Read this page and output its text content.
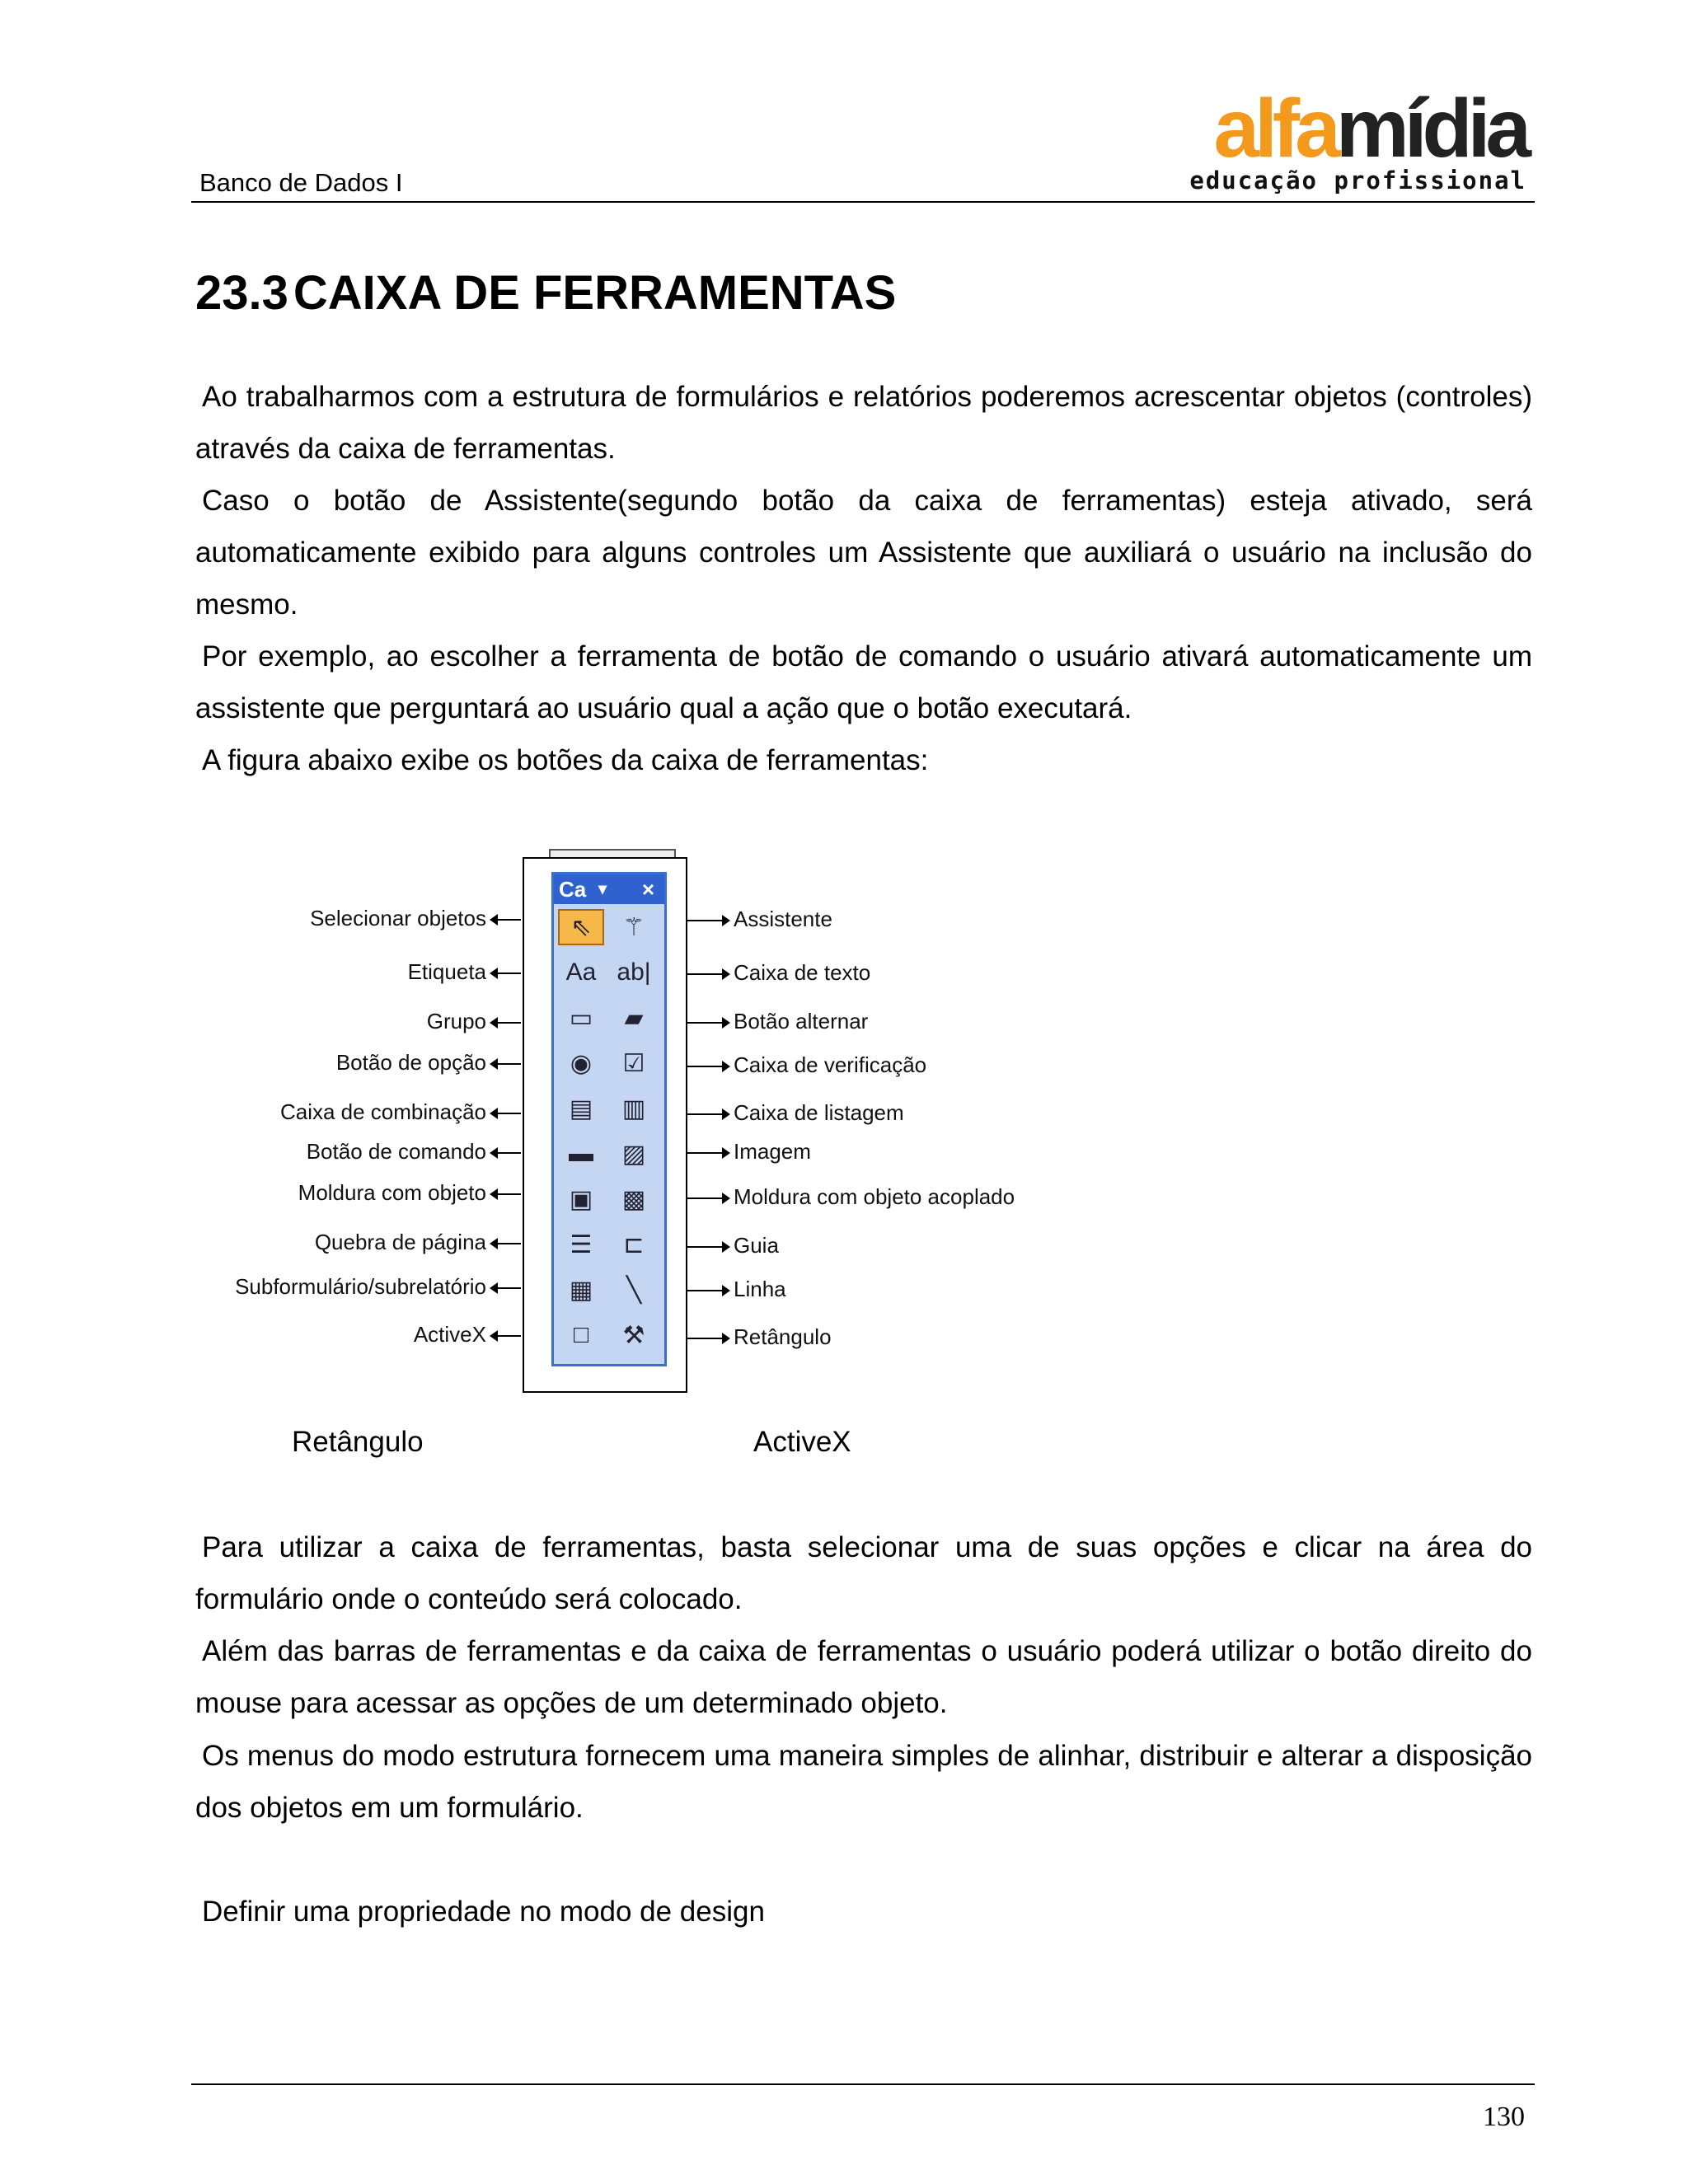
Banco de Dados I
alfamídia
educação profissional
23.3 CAIXA DE FERRAMENTAS

Ao trabalharmos com a estrutura de formulários e relatórios poderemos acrescentar objetos (controles) através da caixa de ferramentas.

Caso o botão de Assistente(segundo botão da caixa de ferramentas) esteja ativado, será automaticamente exibido para alguns controles um Assistente que auxiliará o usuário na inclusão do mesmo.

Por exemplo, ao escolher a ferramenta de botão de comando o usuário ativará automaticamente um assistente que perguntará ao usuário qual a ação que o botão executará.

A figura abaixo exibe os botões da caixa de ferramentas:

Ca ▾ ×
⇖	⚚
Aa ab|
▭	▰
◉	☑
▤	▥
▬	▨
▣	▩
☰	⊏
▦	╲
□	⚒
Selecionar objetos	Assistente
Etiqueta	Caixa de texto
Grupo	Botão alternar
Botão de opção	Caixa de verificação
Caixa de combinação	Caixa de listagem
Botão de comando	Imagem
Moldura com objeto	Moldura com objeto acoplado
Quebra de página	Guia
Subformulário/subrelatório	Linha
ActiveX	Retângulo
Retângulo	ActiveX

Para utilizar a caixa de ferramentas, basta selecionar uma de suas opções e clicar na área do formulário onde o conteúdo será colocado.

Além das barras de ferramentas e da caixa de ferramentas o usuário poderá utilizar o botão direito do mouse para acessar as opções de um determinado objeto.

Os menus do modo estrutura fornecem uma maneira simples de alinhar, distribuir e alterar a disposição dos objetos em um formulário.

Definir uma propriedade no modo de design

130
